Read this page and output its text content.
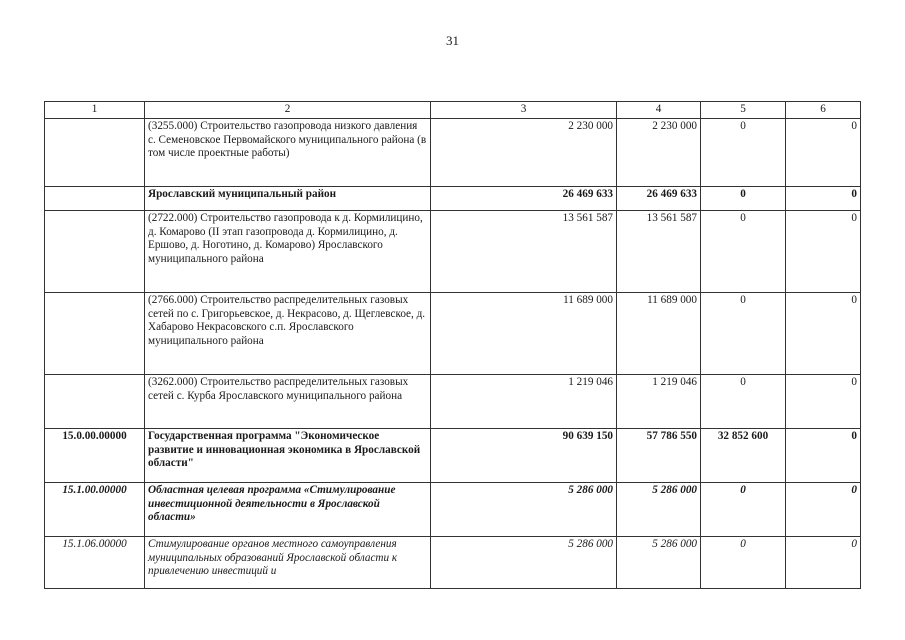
31
1	2	3	4	5	6
	(3255.000) Строительство газопровода низкого давления с. Семеновское Первомайского муниципального района (в том числе проектные работы)	2 230 000	2 230 000	0	0
	Ярославский муниципальный район	26 469 633	26 469 633	0	0
	(2722.000) Строительство газопровода к д. Кормилицино, д. Комарово (II этап газопровода д. Кормилицино, д. Ершово, д. Ноготино, д. Комарово) Ярославского муниципального района	13 561 587	13 561 587	0	0
	(2766.000) Строительство распределительных газовых сетей по с. Григорьевское, д. Некрасово, д. Щеглевское, д. Хабарово Некрасовского с.п. Ярославского муниципального района	11 689 000	11 689 000	0	0
	(3262.000) Строительство распределительных газовых сетей с. Курба Ярославского муниципального района	1 219 046	1 219 046	0	0
15.0.00.00000	Государственная программа "Экономическое развитие и инновационная экономика в Ярославской области"	90 639 150	57 786 550	32 852 600	0
15.1.00.00000	Областная целевая программа «Стимулирование инвестиционной деятельности в Ярославской области»	5 286 000	5 286 000	0	0
15.1.06.00000	Стимулирование органов местного самоуправления муниципальных образований Ярославской области к привлечению инвестиций и	5 286 000	5 286 000	0	0
